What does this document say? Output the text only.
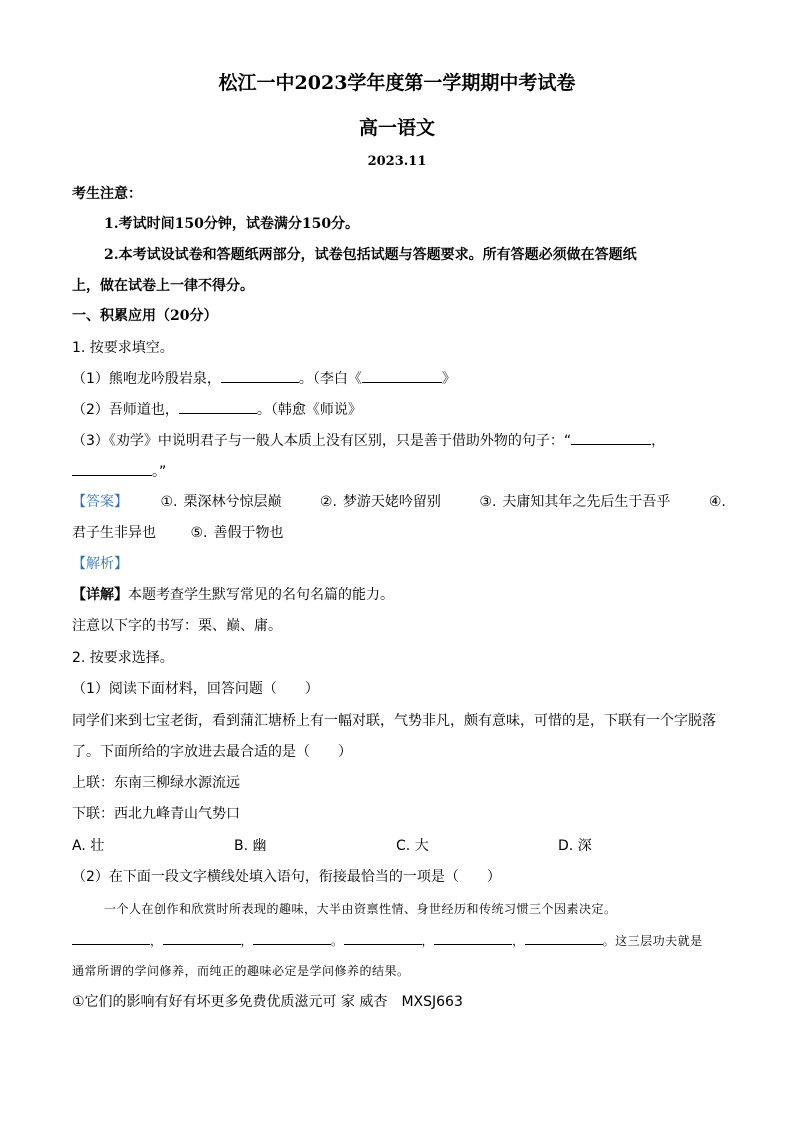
松江一中2023学年度第一学期期中考试卷
高一语文
2023.11
考生注意：
1.考试时间150分钟，试卷满分150分。
2.本考试设试卷和答题纸两部分，试卷包括试题与答题要求。所有答题必须做在答题纸
上，做在试卷上一律不得分。
一、积累应用（20分）
1. 按要求填空。
（1）熊咆龙吟殷岩泉，	。（李白《	》
（2）吾师道也，	。（韩愈《师说》
（3）《劝学》中说明君子与一般人本质上没有区别，只是善于借助外物的句子：“	，
。”
【答案】 ①. 栗深林兮惊层巅	②. 梦游天姥吟留别	③. 夫庸知其年之先后生于吾乎	④.
君子生非异也 ⑤. 善假于物也
【解析】
【详解】本题考查学生默写常见的名句名篇的能力。
注意以下字的书写：栗、巅、庸。
2. 按要求选择。
（1）阅读下面材料，回答问题（　　）
同学们来到七宝老街，看到蒲汇塘桥上有一幅对联，气势非凡，颇有意味，可惜的是，下联有一个字脱落
了。下面所给的字放进去最合适的是（　　）
上联：东南三柳绿水源流远
下联：西北九峰青山气势口
A. 壮	B. 幽	C. 大	D. 深
（2）在下面一段文字横线处填入语句，衔接最恰当的一项是（　　）
一个人在创作和欣赏时所表现的趣味，大半由资禀性情、身世经历和传统习惯三个因素决定。
，	，	。	，	，	。这三层功夫就是
通常所谓的学问修养，而纯正的趣味必定是学问修养的结果。
①它们的影响有好有坏更多免费优质滋元可 家 威杏　MXSJ663
